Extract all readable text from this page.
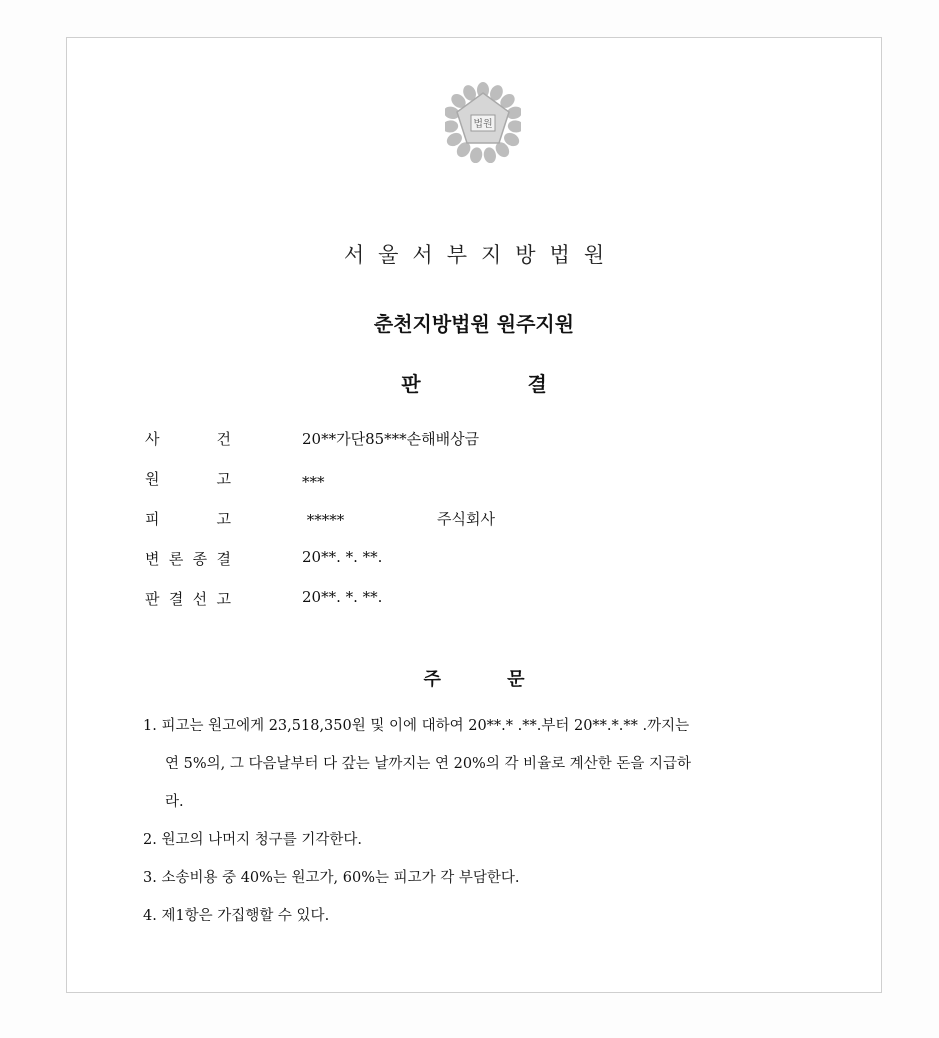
법원
서울서부지방법원
춘천지방법원 원주지원
판 결
사	건	20**가단85***손해배상금
원	고	***
피	고	*****	주식회사
변 론 종 결	20**. *. **.
판 결 선 고	20**. *. **.
주 문
1. 피고는 원고에게 23,518,350원 및 이에 대하여 20**.* .**.부터 20**.*.** .까지는
연 5%의, 그 다음날부터 다 갚는 날까지는 연 20%의 각 비율로 계산한 돈을 지급하
라.
2. 원고의 나머지 청구를 기각한다.
3. 소송비용 중 40%는 원고가, 60%는 피고가 각 부담한다.
4. 제1항은 가집행할 수 있다.
